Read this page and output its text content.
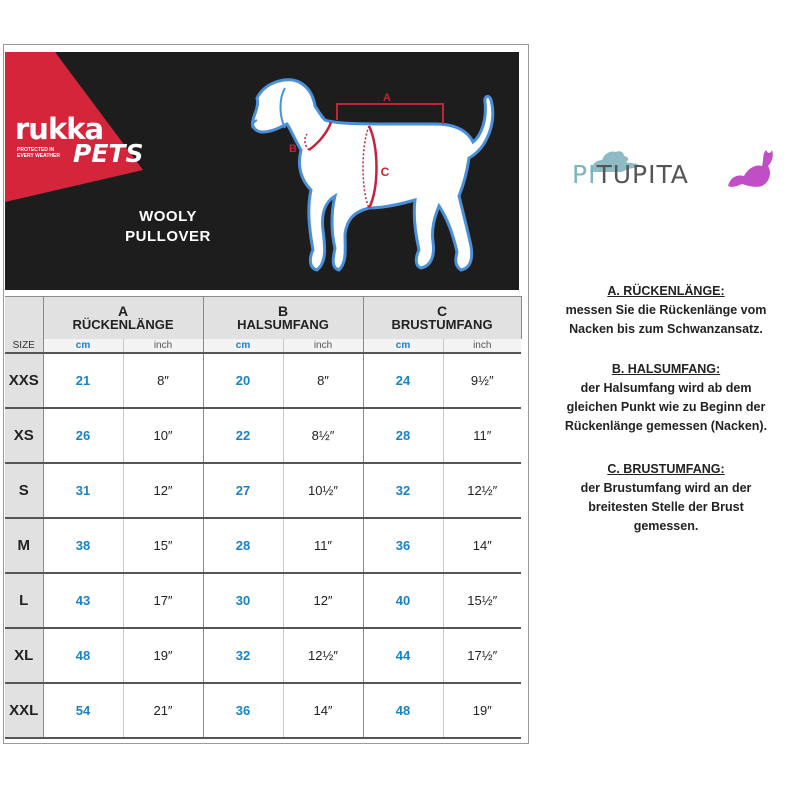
rukka
PROTECTED IN EVERY WEATHER PETS
WOOLY
PULLOVER
A
B
C

	A
RÜCKENLÄNGE		B
HALSUMFANG		C
BRUSTUMFANG	
SIZE	cm	inch	cm	inch	cm	inch
XXS	21	8″	20	8″	24	9½″
XS	26	10″	22	8½″	28	11″
S	31	12″	27	10½″	32	12½″
M	38	15″	28	11″	36	14″
L	43	17″	30	12″	40	15½″
XL	48	19″	32	12½″	44	17½″
XXL	54	21″	36	14″	48	19″
PITUPITA
A. RÜCKENLÄNGE:
messen Sie die Rückenlänge vom
Nacken bis zum Schwanzansatz.
B. HALSUMFANG:
der Halsumfang wird ab dem
gleichen Punkt wie zu Beginn der
Rückenlänge gemessen (Nacken).
C. BRUSTUMFANG:
der Brustumfang wird an der
breitesten Stelle der Brust
gemessen.
